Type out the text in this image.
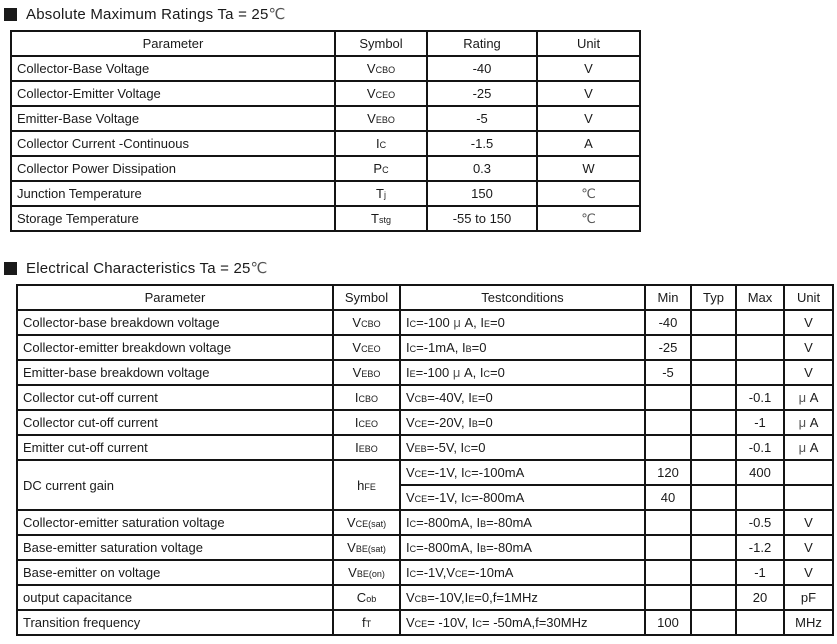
Absolute Maximum Ratings Ta = 25℃
Parameter	Symbol	Rating	Unit
Collector-Base Voltage	VCBO	-40	V
Collector-Emitter Voltage	VCEO	-25	V
Emitter-Base Voltage	VEBO	-5	V
Collector Current -Continuous	IC	-1.5	A
Collector Power Dissipation	PC	0.3	W
Junction Temperature	Tj	150	℃
Storage Temperature	Tstg	-55 to 150	℃
Electrical Characteristics Ta = 25℃
Parameter	Symbol	Testconditions	Min	Typ	Max	Unit
Collector-base breakdown voltage	VCBO	IC=-100 μ A, IE=0	-40			V
Collector-emitter breakdown voltage	VCEO	IC=-1mA, IB=0	-25			V
Emitter-base breakdown voltage	VEBO	IE=-100 μ A, IC=0	-5			V
Collector cut-off current	ICBO	VCB=-40V, IE=0			-0.1	μ A
Collector cut-off current	ICEO	VCE=-20V, IB=0			-1	μ A
Emitter cut-off current	IEBO	VEB=-5V, IC=0			-0.1	μ A
DC current gain	hFE	VCE=-1V, IC=-100mA	120		400	
		VCE=-1V, IC=-800mA	40			
Collector-emitter saturation voltage	VCE(sat)	IC=-800mA, IB=-80mA			-0.5	V
Base-emitter saturation voltage	VBE(sat)	IC=-800mA, IB=-80mA			-1.2	V
Base-emitter on voltage	VBE(on)	IC=-1V,VCE=-10mA			-1	V
output capacitance	Cob	VCB=-10V,IE=0,f=1MHz			20	pF
Transition frequency	fT	VCE= -10V, IC= -50mA,f=30MHz	100			MHz
